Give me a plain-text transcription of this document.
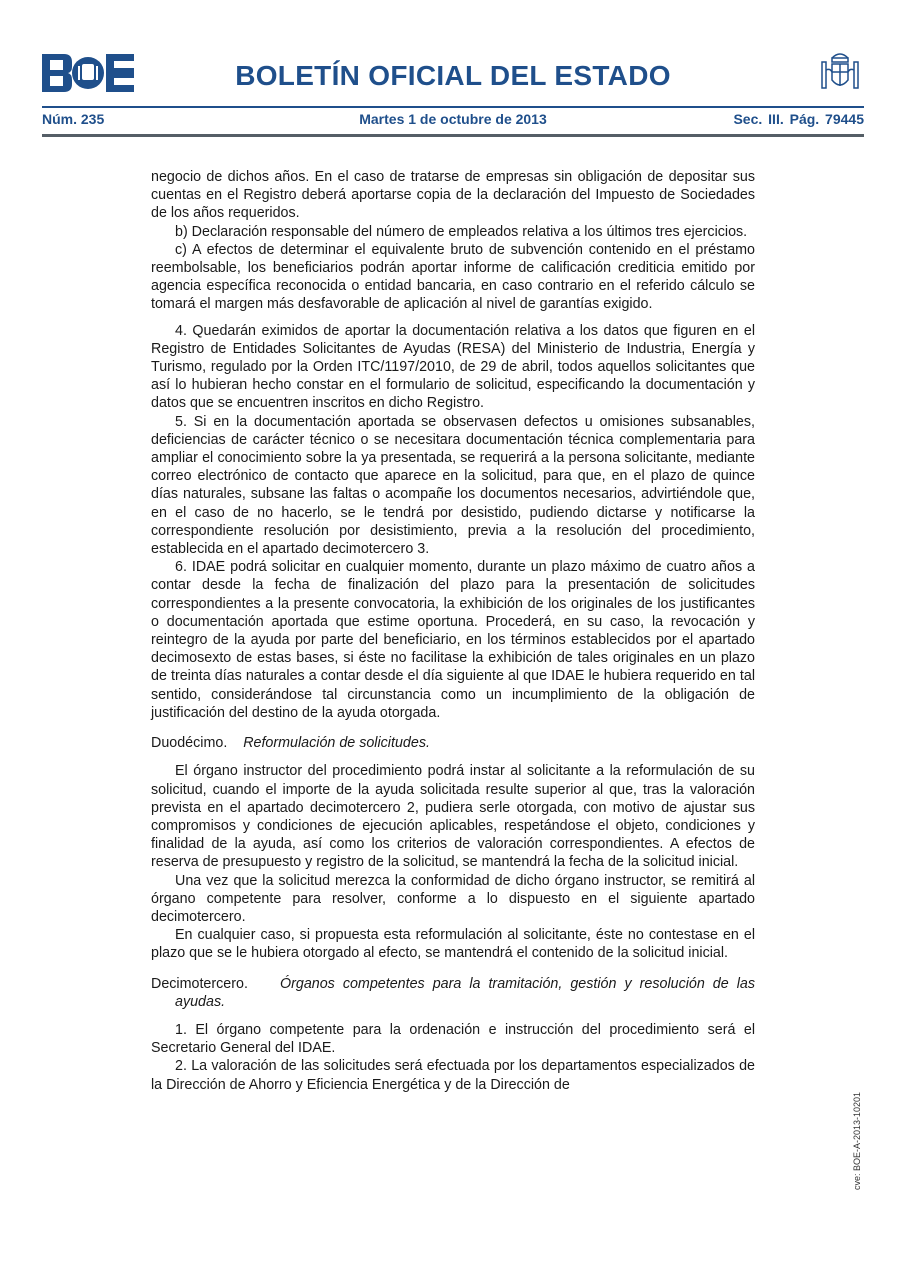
BOLETÍN OFICIAL DEL ESTADO
Núm. 235	Martes 1 de octubre de 2013	Sec. III. Pág. 79445

negocio de dichos años. En el caso de tratarse de empresas sin obligación de depositar sus cuentas en el Registro deberá aportarse copia de la declaración del Impuesto de Sociedades de los años requeridos.

b) Declaración responsable del número de empleados relativa a los últimos tres ejercicios.

c) A efectos de determinar el equivalente bruto de subvención contenido en el préstamo reembolsable, los beneficiarios podrán aportar informe de calificación crediticia emitido por agencia específica reconocida o entidad bancaria, en caso contrario en el referido cálculo se tomará el margen más desfavorable de aplicación al nivel de garantías exigido.

4. Quedarán eximidos de aportar la documentación relativa a los datos que figuren en el Registro de Entidades Solicitantes de Ayudas (RESA) del Ministerio de Industria, Energía y Turismo, regulado por la Orden ITC/1197/2010, de 29 de abril, todos aquellos solicitantes que así lo hubieran hecho constar en el formulario de solicitud, especificando la documentación y datos que se encuentren inscritos en dicho Registro.

5. Si en la documentación aportada se observasen defectos u omisiones subsanables, deficiencias de carácter técnico o se necesitara documentación técnica complementaria para ampliar el conocimiento sobre la ya presentada, se requerirá a la persona solicitante, mediante correo electrónico de contacto que aparece en la solicitud, para que, en el plazo de quince días naturales, subsane las faltas o acompañe los documentos necesarios, advirtiéndole que, en el caso de no hacerlo, se le tendrá por desistido, pudiendo dictarse y notificarse la correspondiente resolución por desistimiento, previa a la resolución del procedimiento, establecida en el apartado decimotercero 3.

6. IDAE podrá solicitar en cualquier momento, durante un plazo máximo de cuatro años a contar desde la fecha de finalización del plazo para la presentación de solicitudes correspondientes a la presente convocatoria, la exhibición de los originales de los justificantes o documentación aportada que estime oportuna. Procederá, en su caso, la revocación y reintegro de la ayuda por parte del beneficiario, en los términos establecidos por el apartado decimosexto de estas bases, si éste no facilitase la exhibición de tales originales en un plazo de treinta días naturales a contar desde el día siguiente al que IDAE le hubiera requerido en tal sentido, considerándose tal circunstancia como un incumplimiento de la obligación de justificación del destino de la ayuda otorgada.

Duodécimo. Reformulación de solicitudes.

El órgano instructor del procedimiento podrá instar al solicitante a la reformulación de su solicitud, cuando el importe de la ayuda solicitada resulte superior al que, tras la valoración prevista en el apartado decimotercero 2, pudiera serle otorgada, con motivo de ajustar sus compromisos y condiciones de ejecución aplicables, respetándose el objeto, condiciones y finalidad de la ayuda, así como los criterios de valoración correspondientes. A efectos de reserva de presupuesto y registro de la solicitud, se mantendrá la fecha de la solicitud inicial.

Una vez que la solicitud merezca la conformidad de dicho órgano instructor, se remitirá al órgano competente para resolver, conforme a lo dispuesto en el siguiente apartado decimotercero.

En cualquier caso, si propuesta esta reformulación al solicitante, éste no contestase en el plazo que se le hubiera otorgado al efecto, se mantendrá el contenido de la solicitud inicial.

Decimotercero. Órganos competentes para la tramitación, gestión y resolución de las ayudas.

1. El órgano competente para la ordenación e instrucción del procedimiento será el Secretario General del IDAE.

2. La valoración de las solicitudes será efectuada por los departamentos especializados de la Dirección de Ahorro y Eficiencia Energética y de la Dirección de

cve: BOE-A-2013-10201
